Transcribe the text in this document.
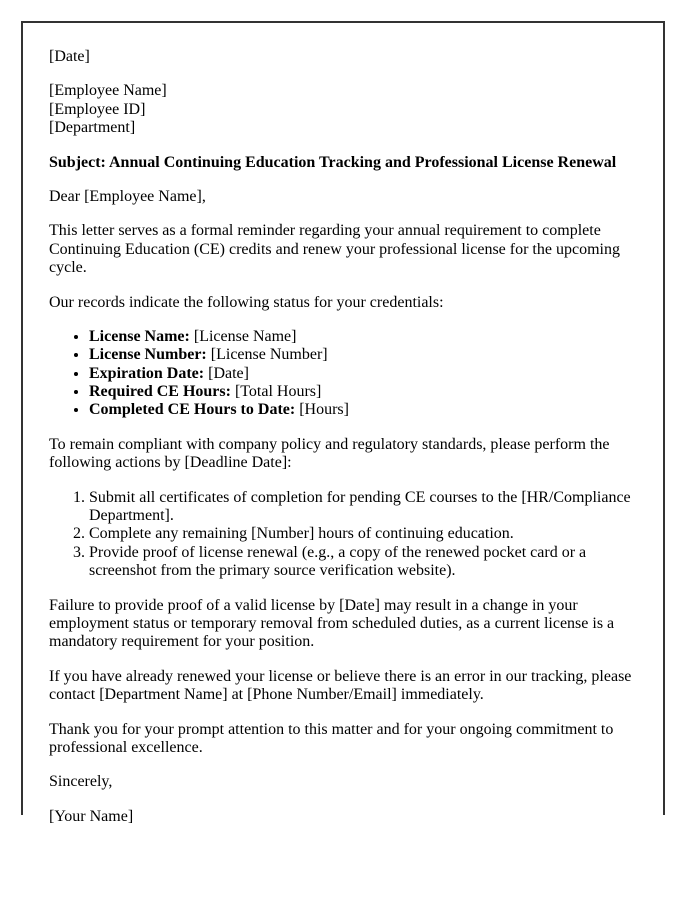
[Date]

[Employee Name]
[Employee ID]
[Department]

Subject: Annual Continuing Education Tracking and Professional License Renewal

Dear [Employee Name],

This letter serves as a formal reminder regarding your annual requirement to complete Continuing Education (CE) credits and renew your professional license for the upcoming cycle.

Our records indicate the following status for your credentials:

• License Name: [License Name]
• License Number: [License Number]
• Expiration Date: [Date]
• Required CE Hours: [Total Hours]
• Completed CE Hours to Date: [Hours]

To remain compliant with company policy and regulatory standards, please perform the following actions by [Deadline Date]:

1. Submit all certificates of completion for pending CE courses to the [HR/Compliance Department].
2. Complete any remaining [Number] hours of continuing education.
3. Provide proof of license renewal (e.g., a copy of the renewed pocket card or a screenshot from the primary source verification website).

Failure to provide proof of a valid license by [Date] may result in a change in your employment status or temporary removal from scheduled duties, as a current license is a mandatory requirement for your position.

If you have already renewed your license or believe there is an error in our tracking, please contact [Department Name] at [Phone Number/Email] immediately.

Thank you for your prompt attention to this matter and for your ongoing commitment to professional excellence.

Sincerely,

[Your Name]
